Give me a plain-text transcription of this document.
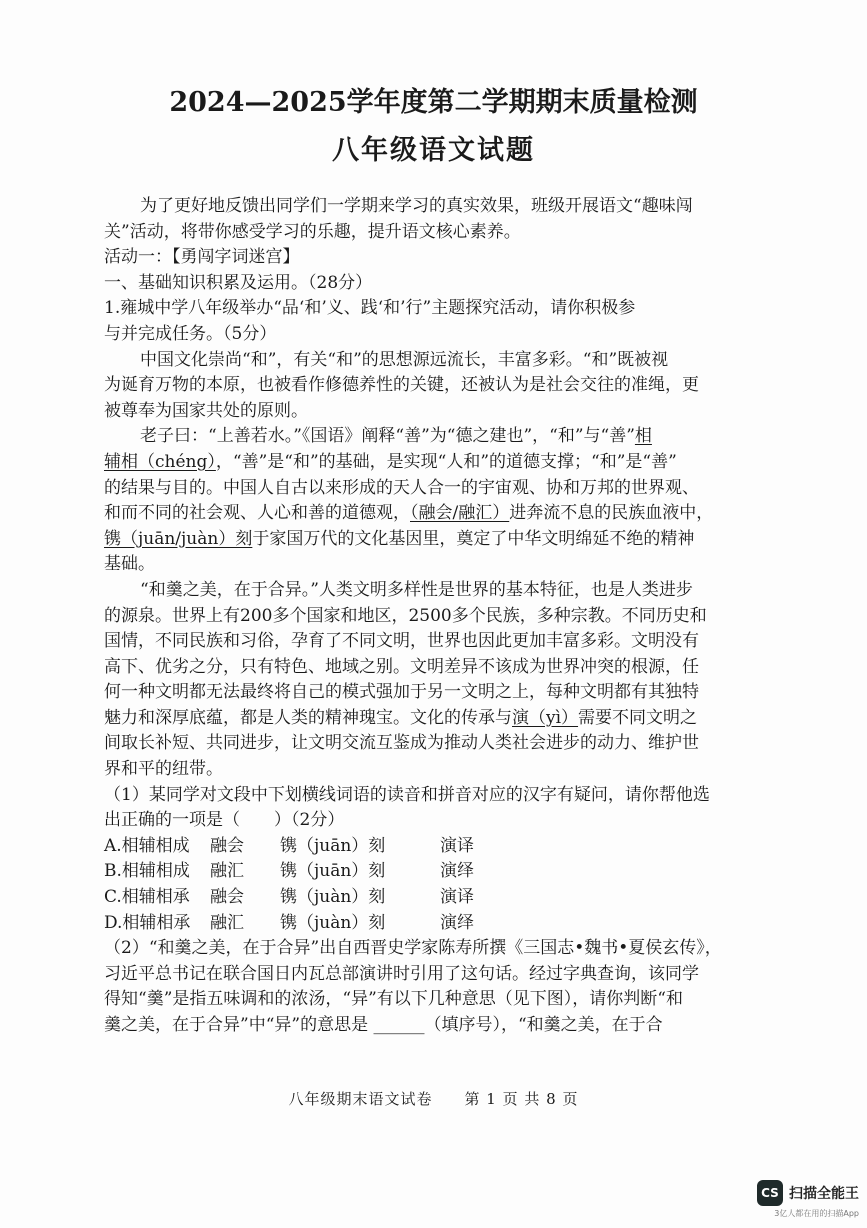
2024—2025学年度第二学期期末质量检测
八年级语文试题
为了更好地反馈出同学们一学期来学习的真实效果，班级开展语文“趣味闯
关”活动，将带你感受学习的乐趣，提升语文核心素养。
活动一：【勇闯字词迷宫】
一、基础知识积累及运用。（28分）
1.雍城中学八年级举办“品‘和’义、践‘和’行”主题探究活动，请你积极参
与并完成任务。（5分）
中国文化崇尚“和”，有关“和”的思想源远流长，丰富多彩。“和”既被视
为诞育万物的本原，也被看作修德养性的关键，还被认为是社会交往的准绳，更
被尊奉为国家共处的原则。
老子曰：“上善若水。”《国语》阐释“善”为“德之建也”，“和”与“善”相
辅相（chéng），“善”是“和”的基础，是实现“人和”的道德支撑；“和”是“善”
的结果与目的。中国人自古以来形成的天人合一的宇宙观、协和万邦的世界观、
和而不同的社会观、人心和善的道德观，（融会/融汇）进奔流不息的民族血液中，
镌（juān/juàn）刻于家国万代的文化基因里，奠定了中华文明绵延不绝的精神
基础。
“和羹之美，在于合异。”人类文明多样性是世界的基本特征，也是人类进步
的源泉。世界上有200多个国家和地区，2500多个民族，多种宗教。不同历史和
国情，不同民族和习俗，孕育了不同文明，世界也因此更加丰富多彩。文明没有
高下、优劣之分，只有特色、地域之别。文明差异不该成为世界冲突的根源，任
何一种文明都无法最终将自己的模式强加于另一文明之上，每种文明都有其独特
魅力和深厚底蕴，都是人类的精神瑰宝。文化的传承与演（yì）需要不同文明之
间取长补短、共同进步，让文明交流互鉴成为推动人类社会进步的动力、维护世
界和平的纽带。
（1）某同学对文段中下划横线词语的读音和拼音对应的汉字有疑问，请你帮他选
出正确的一项是（　　）（2分）
A.相辅相成	融会	镌（juān）刻	演译
B.相辅相成	融汇	镌（juān）刻	演绎
C.相辅相承	融会	镌（juàn）刻	演译
D.相辅相承	融汇	镌（juàn）刻	演绎
（2）“和羹之美，在于合异”出自西晋史学家陈寿所撰《三国志•魏书•夏侯玄传》，
习近平总书记在联合国日内瓦总部演讲时引用了这句话。经过字典查询，该同学
得知“羹”是指五味调和的浓汤，“异”有以下几种意思（见下图），请你判断“和
羹之美，在于合异”中“异”的意思是 ______（填序号），“和羹之美，在于合
八年级期末语文试卷　　第 1 页 共 8 页
CS 扫描全能王
3亿人都在用的扫描App
